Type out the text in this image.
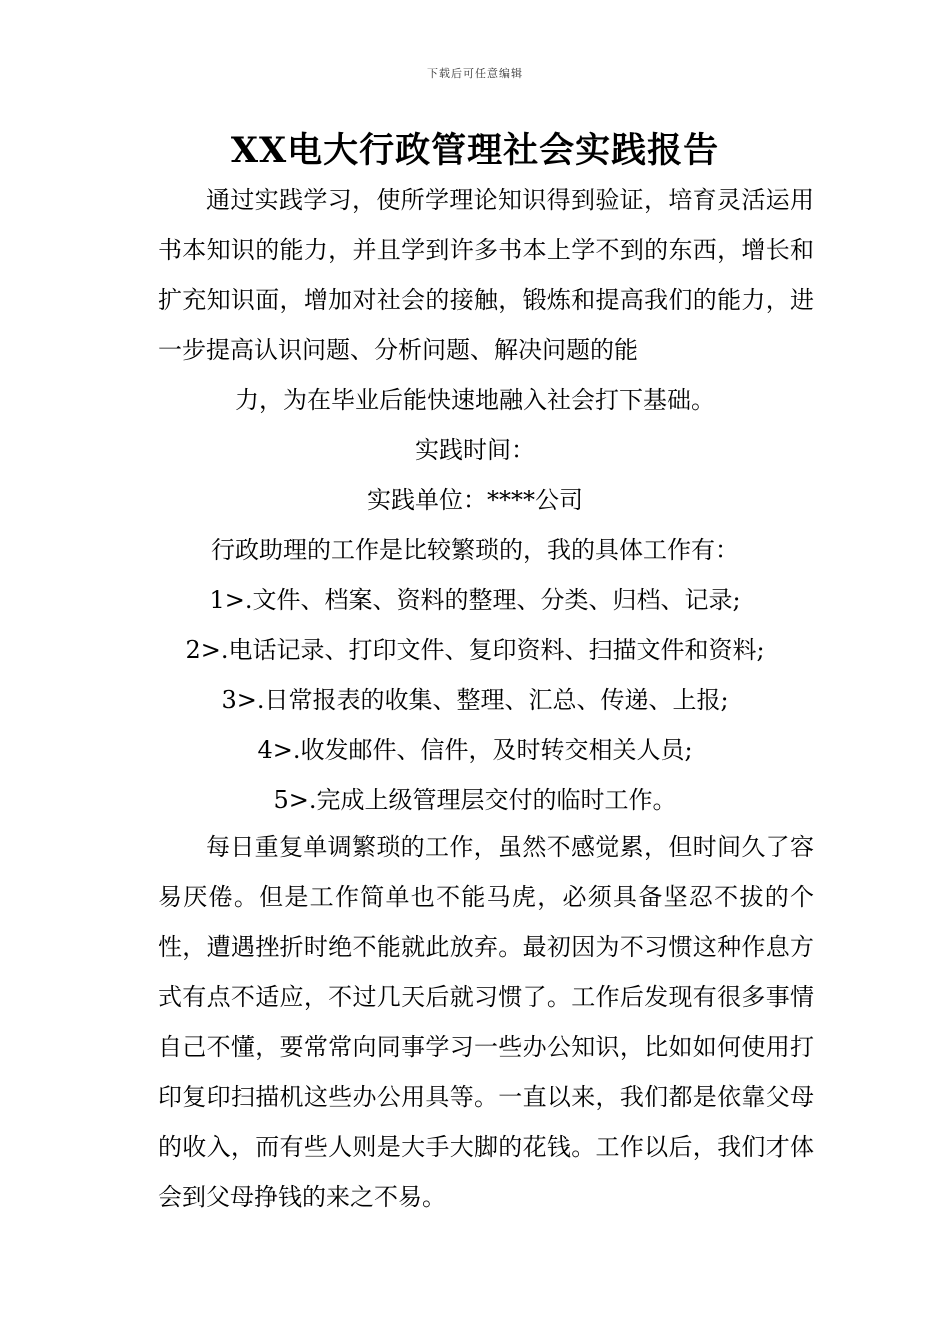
下载后可任意编辑
XX电大行政管理社会实践报告
通过实践学习，使所学理论知识得到验证，培育灵活运用书本知识的能力，并且学到许多书本上学不到的东西，增长和扩充知识面，增加对社会的接触，锻炼和提高我们的能力，进一步提高认识问题、分析问题、解决问题的能
力，为在毕业后能快速地融入社会打下基础。
实践时间：
实践单位：****公司
行政助理的工作是比较繁琐的，我的具体工作有：
1>.文件、档案、资料的整理、分类、归档、记录;
2>.电话记录、打印文件、复印资料、扫描文件和资料;
3>.日常报表的收集、整理、汇总、传递、上报;
4>.收发邮件、信件，及时转交相关人员;
5>.完成上级管理层交付的临时工作。
每日重复单调繁琐的工作，虽然不感觉累，但时间久了容易厌倦。但是工作简单也不能马虎，必须具备坚忍不拔的个性，遭遇挫折时绝不能就此放弃。最初因为不习惯这种作息方式有点不适应，不过几天后就习惯了。工作后发现有很多事情自己不懂，要常常向同事学习一些办公知识，比如如何使用打印复印扫描机这些办公用具等。一直以来，我们都是依靠父母的收入，而有些人则是大手大脚的花钱。工作以后，我们才体会到父母挣钱的来之不易。
